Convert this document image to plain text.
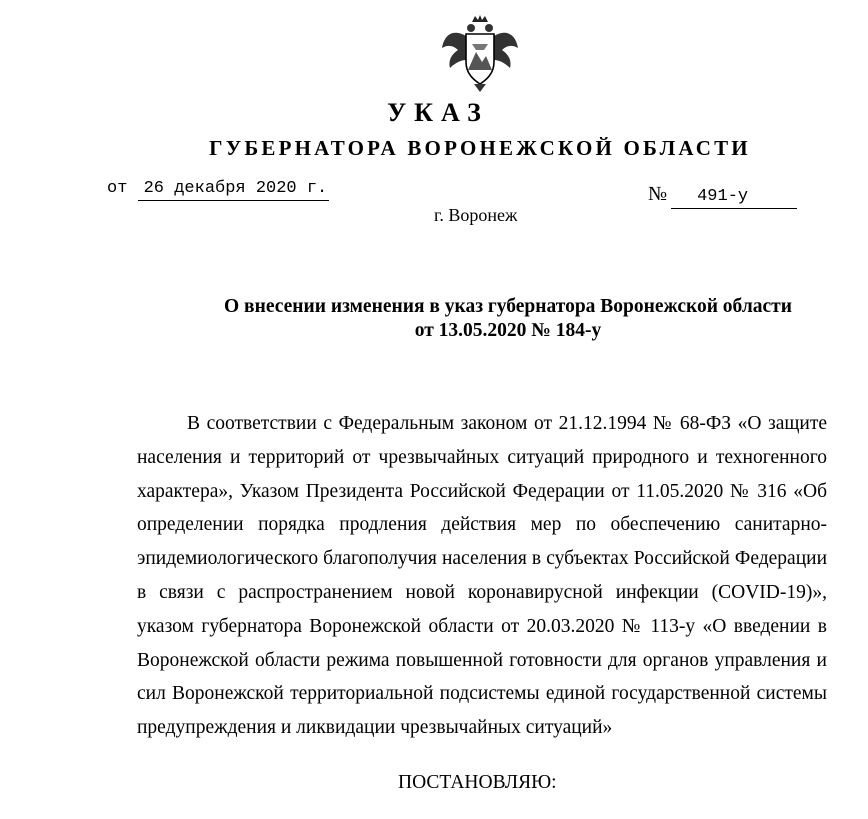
УКАЗ
ГУБЕРНАТОРА ВОРОНЕЖСКОЙ ОБЛАСТИ
от 26 декабря 2020 г.	№ 491-у
г. Воронеж
О внесении изменения в указ губернатора Воронежской области
от 13.05.2020 № 184-у

В соответствии с Федеральным законом от 21.12.1994 № 68-ФЗ «О защите населения и территорий от чрезвычайных ситуаций природного и техногенного характера», Указом Президента Российской Федерации от 11.05.2020 № 316 «Об определении порядка продления действия мер по обеспечению санитарно-эпидемиологического благополучия населения в субъектах Российской Федерации в связи с распространением новой коронавирусной инфекции (COVID-19)», указом губернатора Воронежской области от 20.03.2020 № 113-у «О введении в Воронежской области режима повышенной готовности для органов управления и сил Воронежской территориальной подсистемы единой государственной системы предупреждения и ликвидации чрезвычайных ситуаций»

ПОСТАНОВЛЯЮ:
